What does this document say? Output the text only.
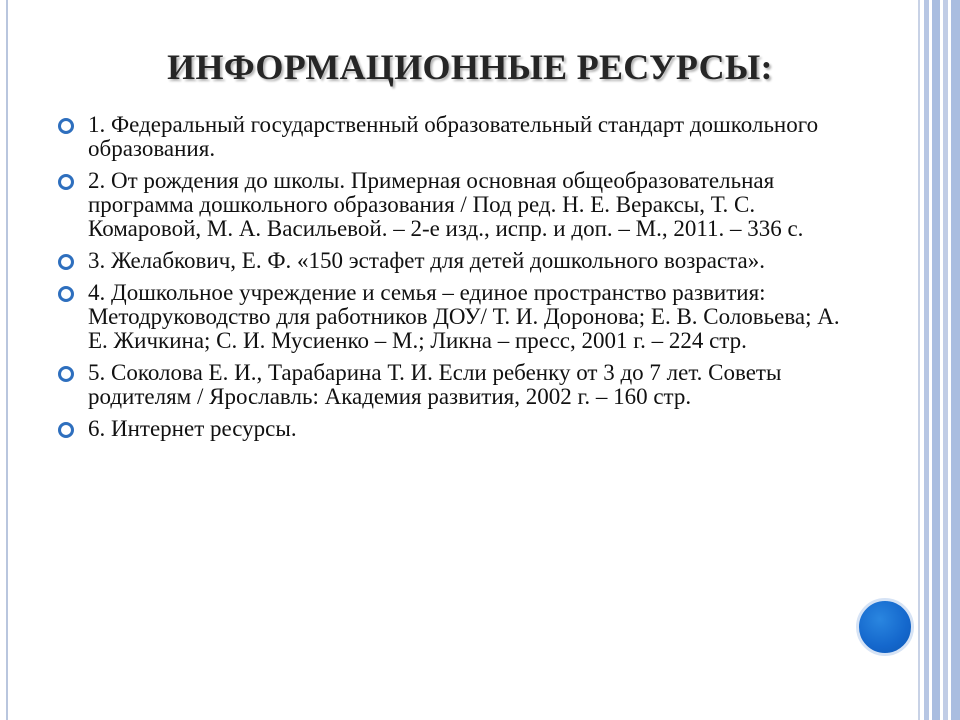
ИНФОРМАЦИОННЫЕ РЕСУРСЫ:
1. Федеральный государственный образовательный стандарт дошкольного образования.
2. От рождения до школы. Примерная основная общеобразовательная программа дошкольного образования / Под ред. Н. Е. Вераксы, Т. С. Комаровой, М. А. Васильевой. – 2-е изд., испр. и доп. – М., 2011. – 336 с.
3. Желабкович, Е. Ф. «150 эстафет для детей дошкольного возраста».
4. Дошкольное учреждение и семья – единое пространство развития: Методруководство для работников ДОУ/ Т. И. Доронова; Е. В. Соловьева; А. Е. Жичкина; С. И. Мусиенко – М.; Ликна – пресс, 2001 г. – 224 стр.
5. Соколова Е. И., Тарабарина Т. И. Если ребенку от 3 до 7 лет. Советы родителям / Ярославль: Академия развития, 2002 г. – 160 стр.
6. Интернет ресурсы.
